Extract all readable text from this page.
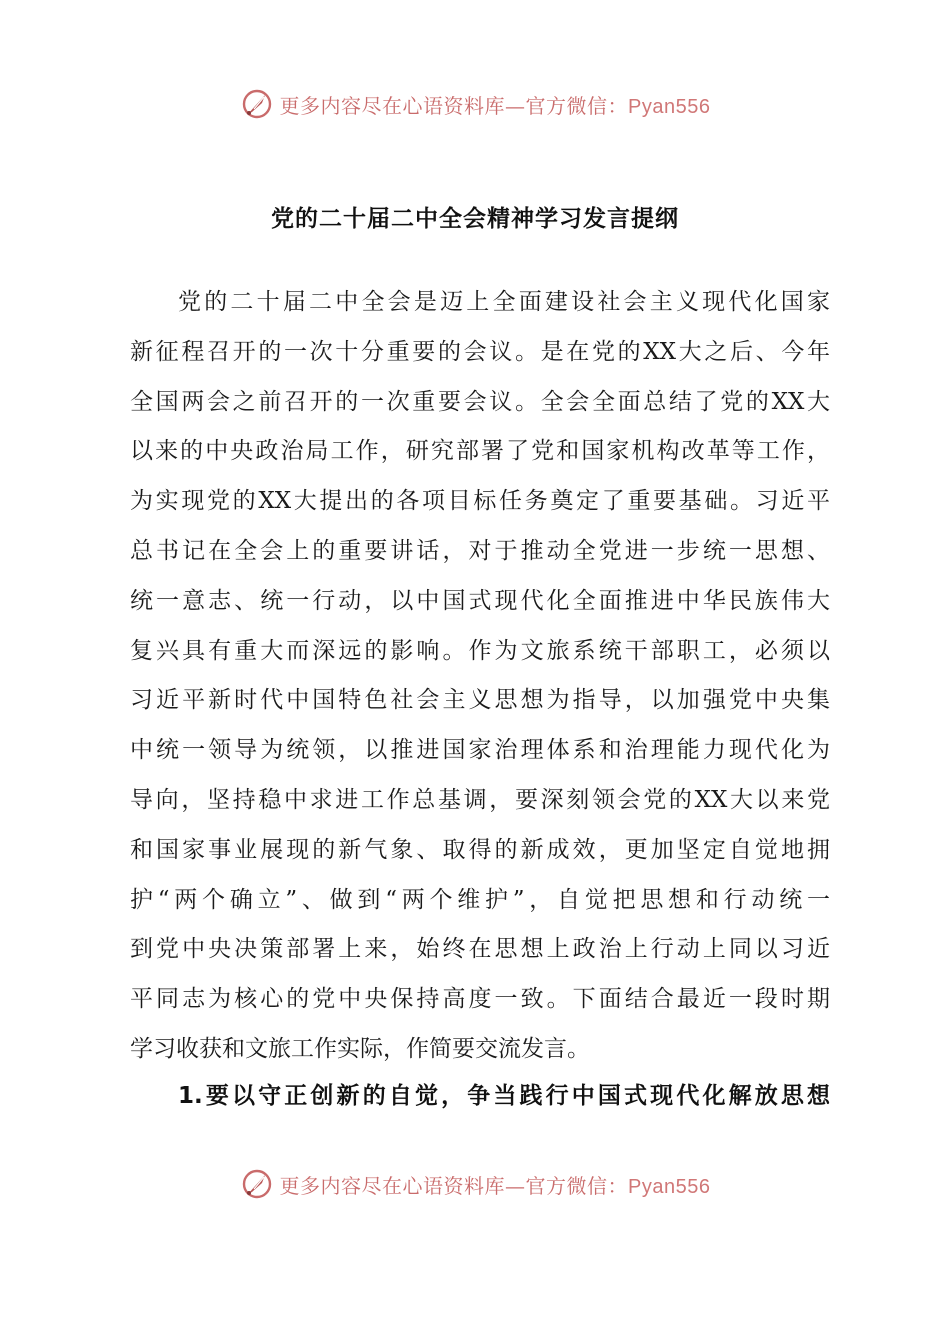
更多内容尽在心语资料库—官方微信：Pyan556
党的二十届二中全会精神学习发言提纲
党的二十届二中全会是迈上全面建设社会主义现代化国家
新征程召开的一次十分重要的会议。是在党的XX大之后、今年
全国两会之前召开的一次重要会议。全会全面总结了党的XX大
以来的中央政治局工作，研究部署了党和国家机构改革等工作，
为实现党的XX大提出的各项目标任务奠定了重要基础。习近平
总书记在全会上的重要讲话，对于推动全党进一步统一思想、
统一意志、统一行动，以中国式现代化全面推进中华民族伟大
复兴具有重大而深远的影响。作为文旅系统干部职工，必须以
习近平新时代中国特色社会主义思想为指导，以加强党中央集
中统一领导为统领，以推进国家治理体系和治理能力现代化为
导向，坚持稳中求进工作总基调，要深刻领会党的XX大以来党
和国家事业展现的新气象、取得的新成效，更加坚定自觉地拥
护“两个确立”、做到“两个维护”，自觉把思想和行动统一
到党中央决策部署上来，始终在思想上政治上行动上同以习近
平同志为核心的党中央保持高度一致。下面结合最近一段时期
学习收获和文旅工作实际，作简要交流发言。
1.要以守正创新的自觉，争当践行中国式现代化解放思想
更多内容尽在心语资料库—官方微信：Pyan556
